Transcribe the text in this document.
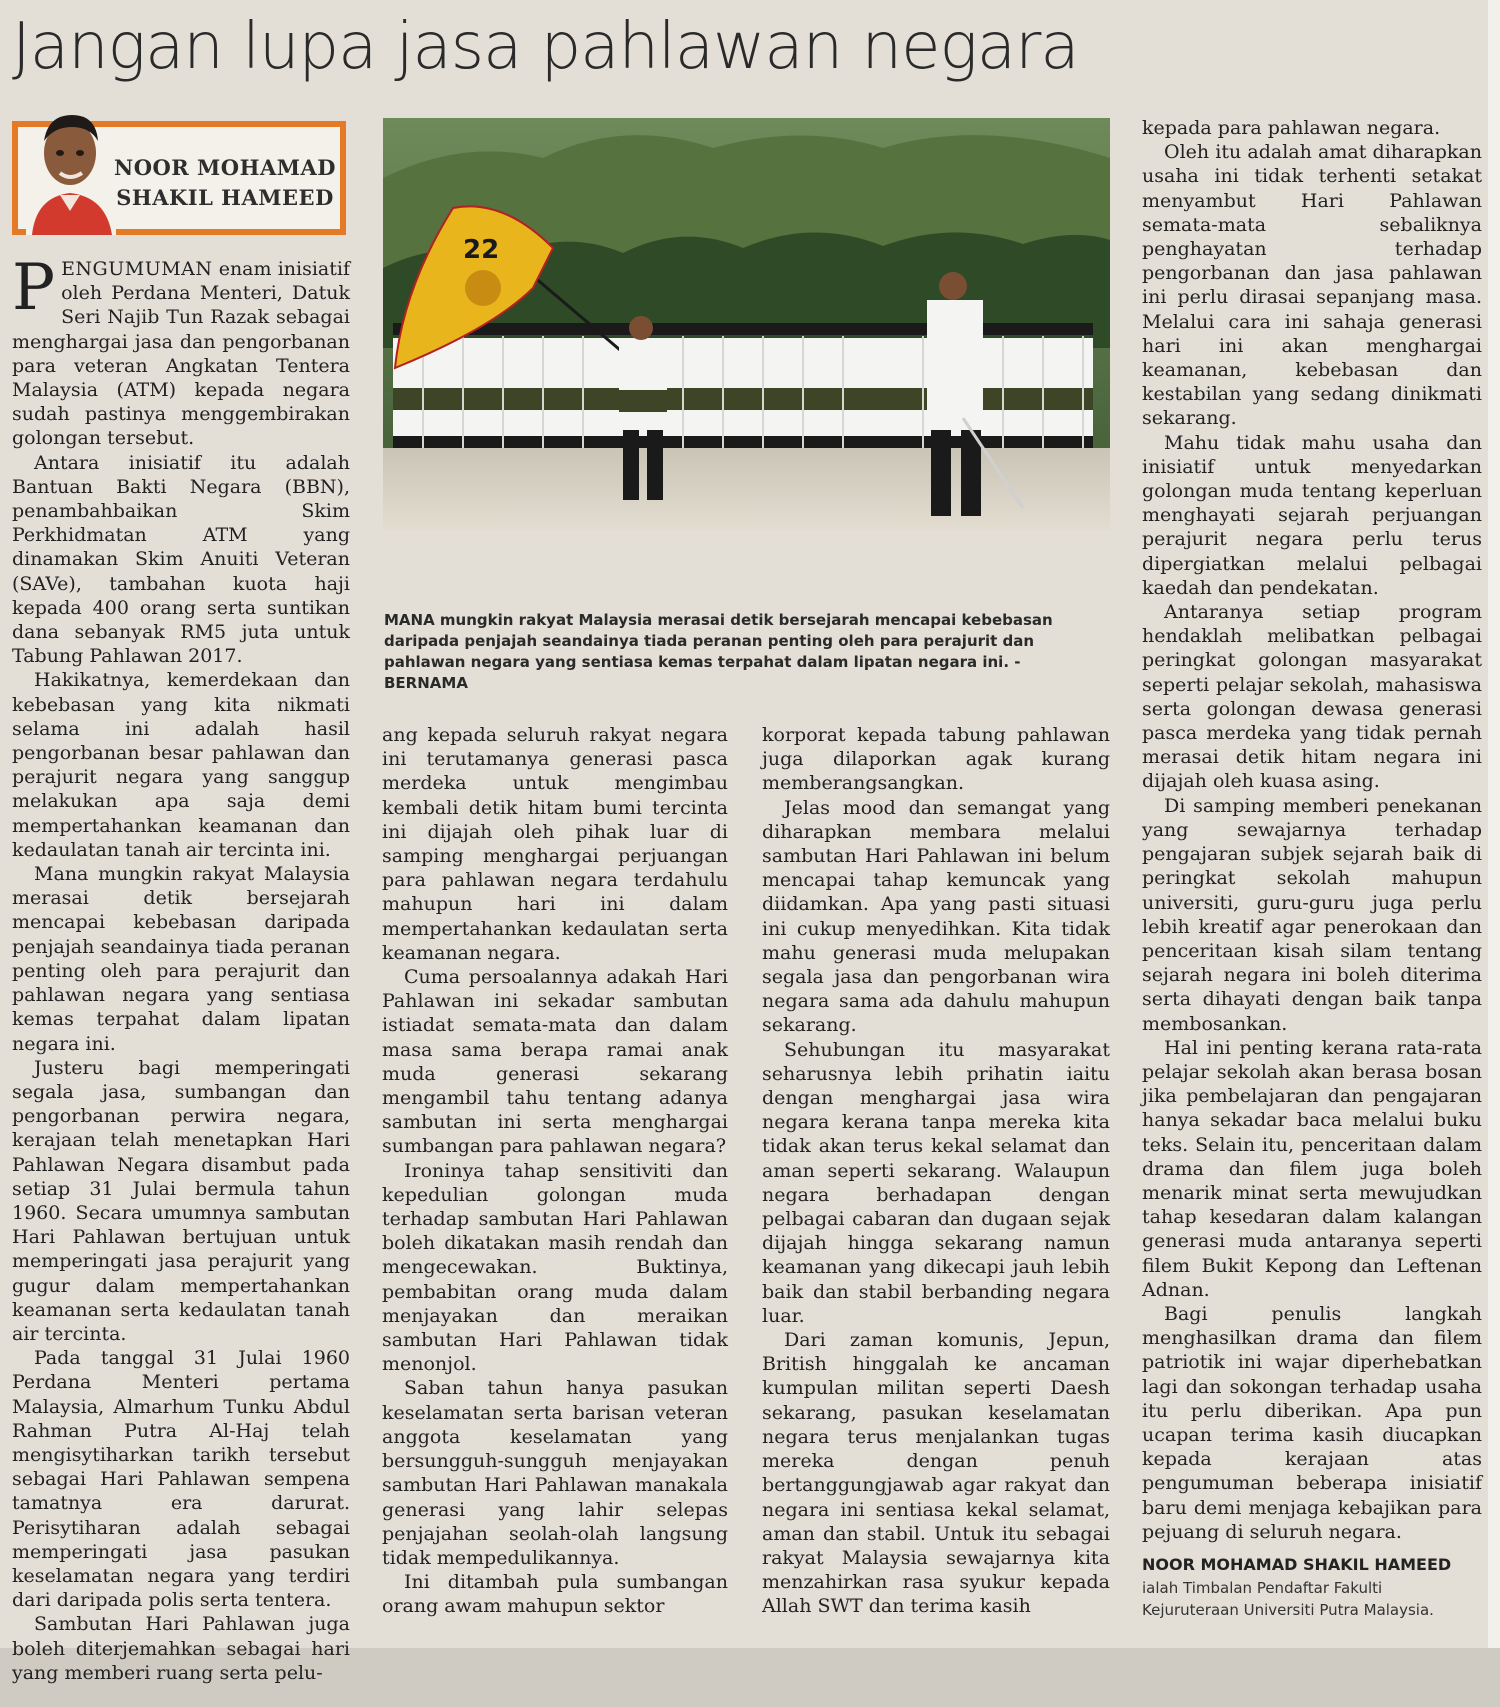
Jangan lupa jasa pahlawan negara
NOOR MOHAMAD
SHAKIL HAMEED

PENGUMUMAN enam inisiatif oleh Perdana Menteri, Datuk Seri Najib Tun Razak sebagai menghargai jasa dan pengorbanan para veteran Angkatan Tentera Malaysia (ATM) kepada negara sudah pastinya menggembirakan golongan tersebut.

Antara inisiatif itu adalah Bantuan Bakti Negara (BBN), penambahbaikan Skim Perkhidmatan ATM yang dinamakan Skim Anuiti Veteran (SAVe), tambahan kuota haji kepada 400 orang serta suntikan dana sebanyak RM5 juta untuk Tabung Pahlawan 2017.

Hakikatnya, kemerdekaan dan kebebasan yang kita nikmati selama ini adalah hasil pengorbanan besar pahlawan dan perajurit negara yang sanggup melakukan apa saja demi mempertahankan keamanan dan kedaulatan tanah air tercinta ini.

Mana mungkin rakyat Malaysia merasai detik bersejarah mencapai kebebasan daripada penjajah seandainya tiada peranan penting oleh para perajurit dan pahlawan negara yang sentiasa kemas terpahat dalam lipatan negara ini.

Justeru bagi memperingati segala jasa, sumbangan dan pengorbanan perwira negara, kerajaan telah menetapkan Hari Pahlawan Negara disambut pada setiap 31 Julai bermula tahun 1960. Secara umumnya sambutan Hari Pahlawan bertujuan untuk memperingati jasa perajurit yang gugur dalam mempertahankan keamanan serta kedaulatan tanah air tercinta.

Pada tanggal 31 Julai 1960 Perdana Menteri pertama Malaysia, Almarhum Tunku Abdul Rahman Putra Al-Haj telah mengisytiharkan tarikh tersebut sebagai Hari Pahlawan sempena tamatnya era darurat. Perisytiharan adalah sebagai memperingati jasa pasukan keselamatan negara yang terdiri dari daripada polis serta tentera.

Sambutan Hari Pahlawan juga boleh diterjemahkan sebagai hari yang memberi ruang serta pelu-

22
MANA mungkin rakyat Malaysia merasai detik bersejarah mencapai kebebasan daripada penjajah seandainya tiada peranan penting oleh para perajurit dan pahlawan negara yang sentiasa kemas terpahat dalam lipatan negara ini. - BERNAMA

ang kepada seluruh rakyat negara ini terutamanya generasi pasca merdeka untuk mengimbau kembali detik hitam bumi tercinta ini dijajah oleh pihak luar di samping menghargai perjuangan para pahlawan negara terdahulu mahupun hari ini dalam mempertahankan kedaulatan serta keamanan negara.

Cuma persoalannya adakah Hari Pahlawan ini sekadar sambutan istiadat semata-mata dan dalam masa sama berapa ramai anak muda generasi sekarang mengambil tahu tentang adanya sambutan ini serta menghargai sumbangan para pahlawan negara?

Ironinya tahap sensitiviti dan kepedulian golongan muda terhadap sambutan Hari Pahlawan boleh dikatakan masih rendah dan mengecewakan. Buktinya, pembabitan orang muda dalam menjayakan dan meraikan sambutan Hari Pahlawan tidak menonjol.

Saban tahun hanya pasukan keselamatan serta barisan veteran anggota keselamatan yang bersungguh-sungguh menjayakan sambutan Hari Pahlawan manakala generasi yang lahir selepas penjajahan seolah-olah langsung tidak mempedulikannya.

Ini ditambah pula sumbangan orang awam mahupun sektor

korporat kepada tabung pahlawan juga dilaporkan agak kurang memberangsangkan.

Jelas mood dan semangat yang diharapkan membara melalui sambutan Hari Pahlawan ini belum mencapai tahap kemuncak yang diidamkan. Apa yang pasti situasi ini cukup menyedihkan. Kita tidak mahu generasi muda melupakan segala jasa dan pengorbanan wira negara sama ada dahulu mahupun sekarang.

Sehubungan itu masyarakat seharusnya lebih prihatin iaitu dengan menghargai jasa wira negara kerana tanpa mereka kita tidak akan terus kekal selamat dan aman seperti sekarang. Walaupun negara berhadapan dengan pelbagai cabaran dan dugaan sejak dijajah hingga sekarang namun keamanan yang dikecapi jauh lebih baik dan stabil berbanding negara luar.

Dari zaman komunis, Jepun, British hinggalah ke ancaman kumpulan militan seperti Daesh sekarang, pasukan keselamatan negara terus menjalankan tugas mereka dengan penuh bertanggungjawab agar rakyat dan negara ini sentiasa kekal selamat, aman dan stabil. Untuk itu sebagai rakyat Malaysia sewajarnya kita menzahirkan rasa syukur kepada Allah SWT dan terima kasih

kepada para pahlawan negara.

Oleh itu adalah amat diharapkan usaha ini tidak terhenti setakat menyambut Hari Pahlawan semata-mata sebaliknya penghayatan terhadap pengorbanan dan jasa pahlawan ini perlu dirasai sepanjang masa. Melalui cara ini sahaja generasi hari ini akan menghargai keamanan, kebebasan dan kestabilan yang sedang dinikmati sekarang.

Mahu tidak mahu usaha dan inisiatif untuk menyedarkan golongan muda tentang keperluan menghayati sejarah perjuangan perajurit negara perlu terus dipergiatkan melalui pelbagai kaedah dan pendekatan.

Antaranya setiap program hendaklah melibatkan pelbagai peringkat golongan masyarakat seperti pelajar sekolah, mahasiswa serta golongan dewasa generasi pasca merdeka yang tidak pernah merasai detik hitam negara ini dijajah oleh kuasa asing.

Di samping memberi penekanan yang sewajarnya terhadap pengajaran subjek sejarah baik di peringkat sekolah mahupun universiti, guru-guru juga perlu lebih kreatif agar penerokaan dan penceritaan kisah silam tentang sejarah negara ini boleh diterima serta dihayati dengan baik tanpa membosankan.

Hal ini penting kerana rata-rata pelajar sekolah akan berasa bosan jika pembelajaran dan pengajaran hanya sekadar baca melalui buku teks. Selain itu, penceritaan dalam drama dan filem juga boleh menarik minat serta mewujudkan tahap kesedaran dalam kalangan generasi muda antaranya seperti filem Bukit Kepong dan Leftenan Adnan.

Bagi penulis langkah menghasilkan drama dan filem patriotik ini wajar diperhebatkan lagi dan sokongan terhadap usaha itu perlu diberikan. Apa pun ucapan terima kasih diucapkan kepada kerajaan atas pengumuman beberapa inisiatif baru demi menjaga kebajikan para pejuang di seluruh negara.

NOOR MOHAMAD SHAKIL HAMEED
ialah Timbalan Pendaftar Fakulti Kejuruteraan Universiti Putra Malaysia.
